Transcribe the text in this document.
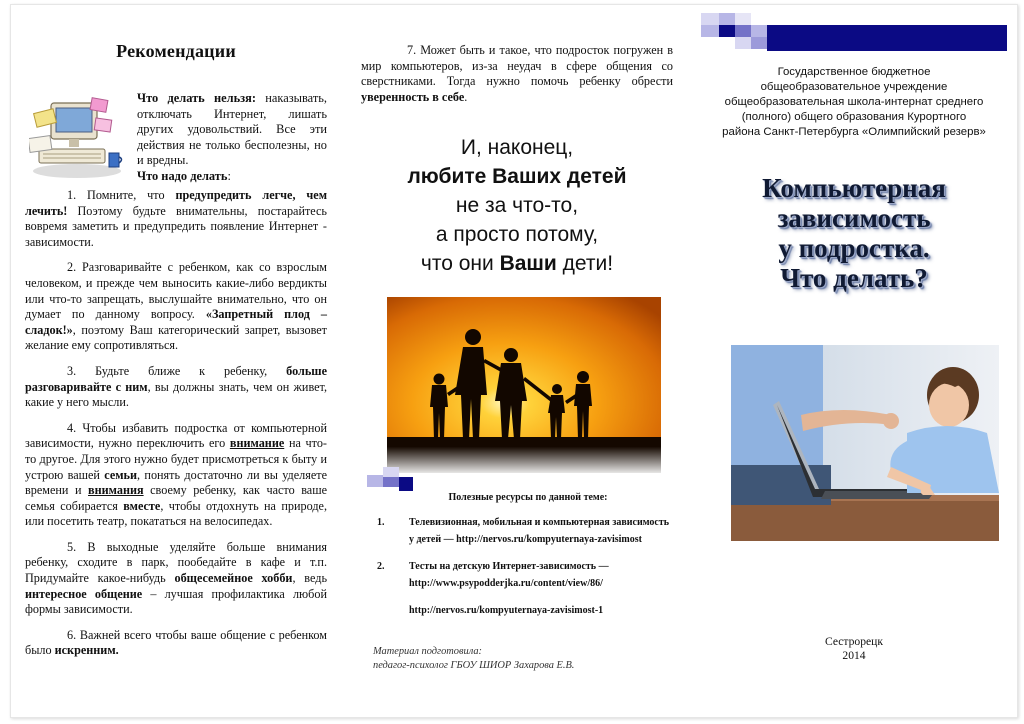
Рекомендации
Что делать нельзя: наказывать, отключать Интернет, лишать других удовольствий. Все эти действия не только бесполезны, но и вредны.
Что надо делать:

1. Помните, что предупредить легче, чем лечить! Поэтому будьте внимательны, постарайтесь вовремя заметить и предупредить появление Интернет - зависимости.

2. Разговаривайте с ребенком, как со взрослым человеком, и прежде чем выносить какие-либо вердикты или что-то запрещать, выслушайте внимательно, что он думает по данному вопросу. «Запретный плод – сладок!», поэтому Ваш категорический запрет, вызовет желание ему сопротивляться.

3. Будьте ближе к ребенку, больше разговаривайте с ним, вы должны знать, чем он живет, какие у него мысли.

4. Чтобы избавить подростка от компьютерной зависимости, нужно переключить его внимание на что-то другое. Для этого нужно будет присмотреться к быту и устрою вашей семьи, понять достаточно ли вы уделяете времени и внимания своему ребенку, как часто ваше семья собирается вместе, чтобы отдохнуть на природе, или посетить театр, покататься на велосипедах.

5. В выходные уделяйте больше внимания ребенку, сходите в парк, пообедайте в кафе и т.п. Придумайте какое-нибудь общесемейное хобби, ведь интересное общение – лучшая профилактика любой формы зависимости.

6. Важней всего чтобы ваше общение с ребенком было искренним.

7. Может быть и такое, что подросток погружен в мир компьютеров, из-за неудач в сфере общения со сверстниками. Тогда нужно помочь ребенку обрести уверенность в себе.

И, наконец,
любите Ваших детей
не за что-то,
а просто потому,
что они Ваши дети!
Полезные ресурсы по данной теме:
1. Телевизионная, мобильная и компьютерная зависимость у детей — http://nervos.ru/kompyuternaya-zavisimost
2. Тесты на детскую Интернет-зависимость — http://www.psypodderjka.ru/content/view/86/
http://nervos.ru/kompyuternaya-zavisimost-1
Материал подготовила:
педагог-психолог ГБОУ ШИОР Захарова Е.В.
Государственное бюджетное
общеобразовательное учреждение
общеобразовательная школа-интернат среднего
(полного) общего образования Курортного
района Санкт-Петербурга «Олимпийский резерв»
Компьютерная
зависимость
у подростка.
Что делать?
Сестрорецк
2014
